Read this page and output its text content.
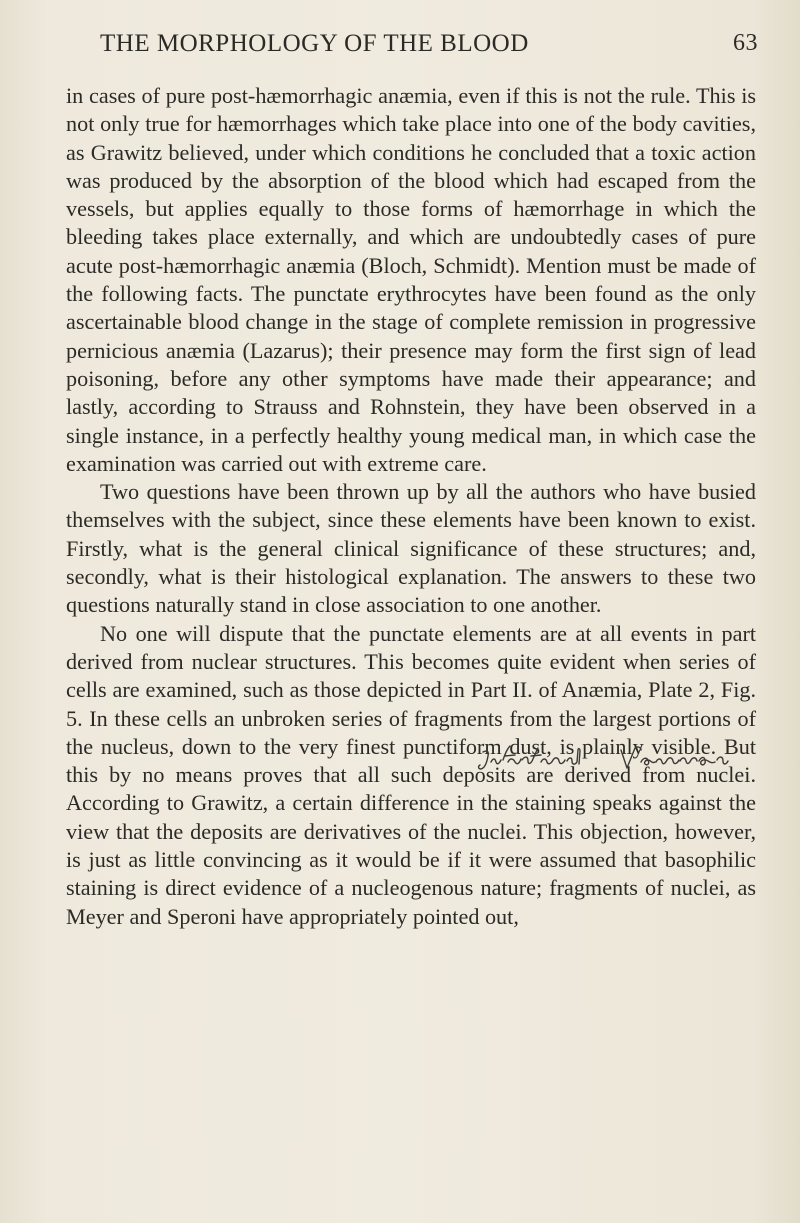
THE MORPHOLOGY OF THE BLOOD	63

in cases of pure post-hæmorrhagic anæmia, even if this is not the rule. This is not only true for hæmorrhages which take place into one of the body cavities, as Grawitz believed, under which conditions he concluded that a toxic action was produced by the absorption of the blood which had escaped from the vessels, but applies equally to those forms of hæmorrhage in which the bleeding takes place externally, and which are undoubtedly cases of pure acute post-hæmorrhagic anæmia (Bloch, Schmidt). Mention must be made of the following facts. The punctate erythrocytes have been found as the only ascertainable blood change in the stage of complete remission in progressive pernicious anæmia (Lazarus); their presence may form the first sign of lead poisoning, before any other symptoms have made their appearance; and lastly, according to Strauss and Rohnstein, they have been observed in a single instance, in a perfectly healthy young medical man, in which case the examination was carried out with extreme care.

Two questions have been thrown up by all the authors who have busied themselves with the subject, since these elements have been known to exist. Firstly, what is the general clinical significance of these structures; and, secondly, what is their histological explanation. The answers to these two questions naturally stand in close association to one another.

No one will dispute that the punctate elements are at all events in part derived from nuclear structures. This becomes quite evident when series of cells are examined, such as those depicted in Part II. of Anæmia, Plate 2, Fig. 5. In these cells an unbroken series of fragments from the largest portions of the nucleus, down to the very finest punctiform dust, is plainly visible. But this by no means proves that all such deposits are derived from nuclei. According to Grawitz, a certain difference in the staining speaks against the view that the deposits are derivatives of the nuclei. This objection, however, is just as little convincing as it would be if it were assumed that basophilic staining is direct evidence of a nucleogenous nature; fragments of nuclei, as Meyer and Speroni have appropriately pointed out,
